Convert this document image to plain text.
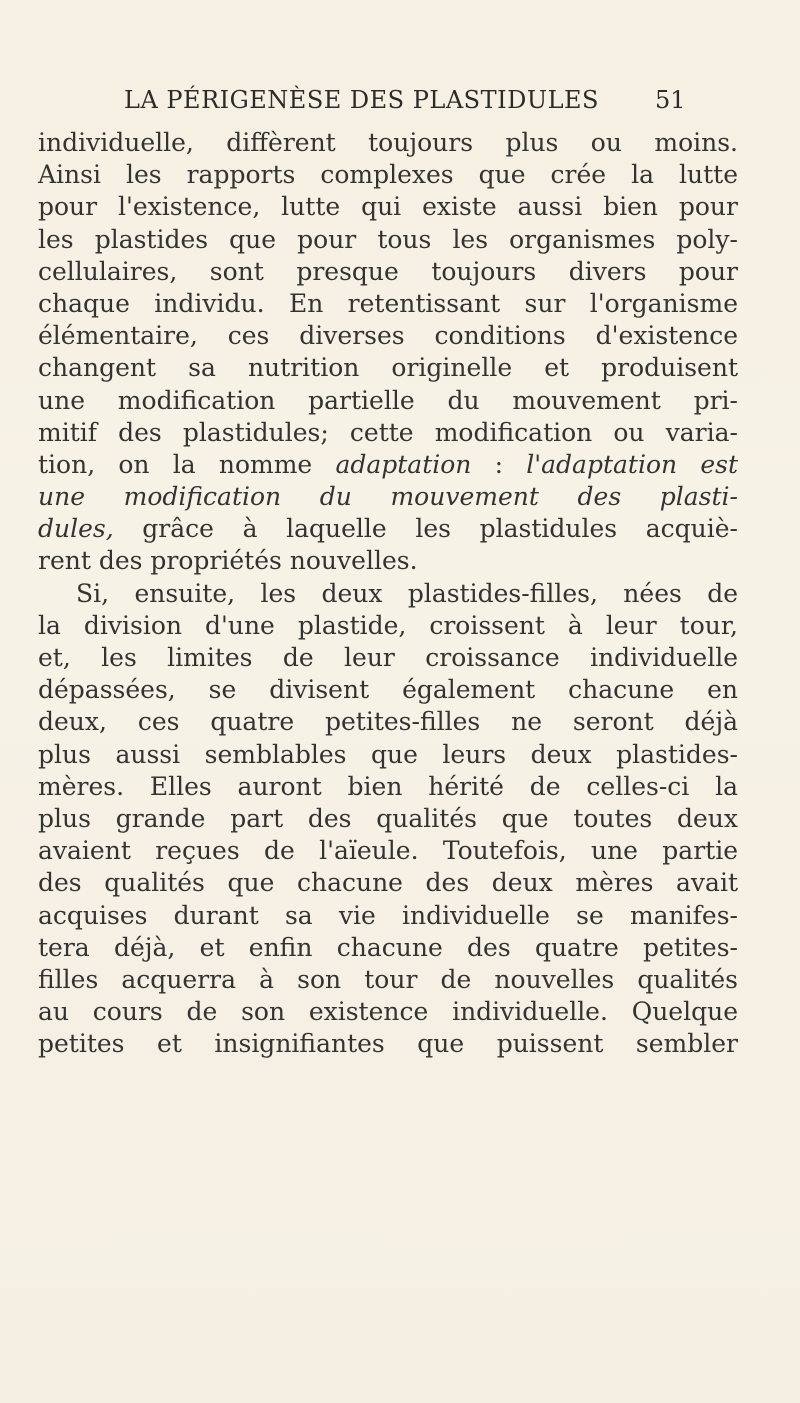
LA PÉRIGENÈSE DES PLASTIDULES 51
individuelle, diffèrent toujours plus ou moins.
Ainsi les rapports complexes que crée la lutte
pour l'existence, lutte qui existe aussi bien pour
les plastides que pour tous les organismes poly-
cellulaires, sont presque toujours divers pour
chaque individu. En retentissant sur l'organisme
élémentaire, ces diverses conditions d'existence
changent sa nutrition originelle et produisent
une modification partielle du mouvement pri-
mitif des plastidules; cette modification ou varia-
tion, on la nomme adaptation : l'adaptation est
une modification du mouvement des plasti-
dules, grâce à laquelle les plastidules acquiè-
rent des propriétés nouvelles.
Si, ensuite, les deux plastides-filles, nées de
la division d'une plastide, croissent à leur tour,
et, les limites de leur croissance individuelle
dépassées, se divisent également chacune en
deux, ces quatre petites-filles ne seront déjà
plus aussi semblables que leurs deux plastides-
mères. Elles auront bien hérité de celles-ci la
plus grande part des qualités que toutes deux
avaient reçues de l'aïeule. Toutefois, une partie
des qualités que chacune des deux mères avait
acquises durant sa vie individuelle se manifes-
tera déjà, et enfin chacune des quatre petites-
filles acquerra à son tour de nouvelles qualités
au cours de son existence individuelle. Quelque
petites et insignifiantes que puissent sembler
